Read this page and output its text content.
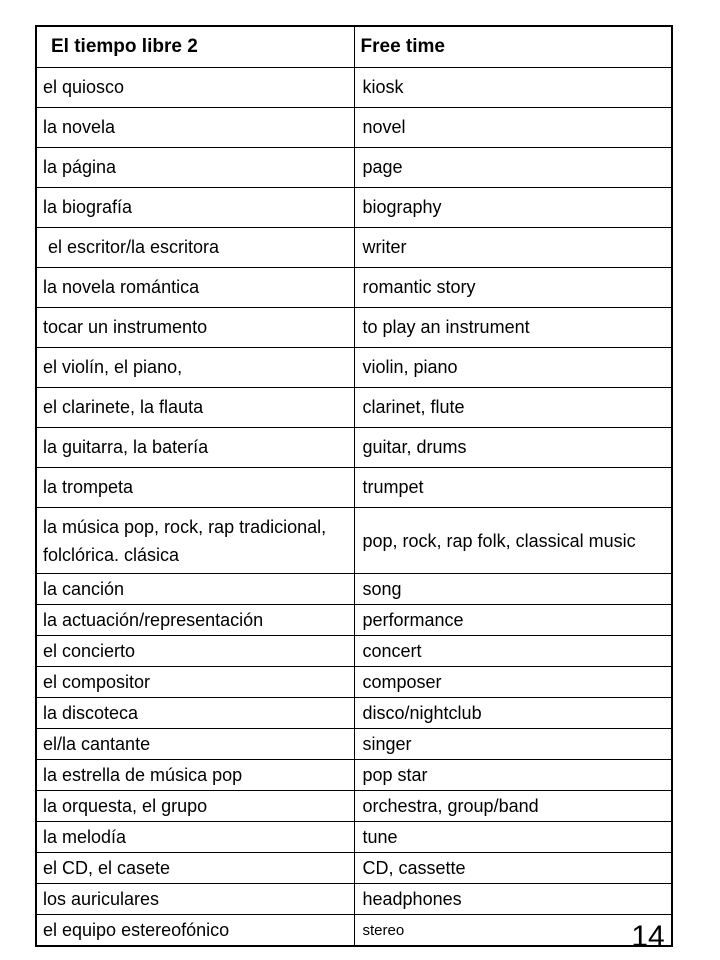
El tiempo libre 2	Free time
el quiosco	kiosk
la novela	novel
la página	page
la biografía	biography
el escritor/la escritora	writer
la novela romántica	romantic story
tocar un instrumento	to play an instrument
el violín, el piano,	violin, piano
el clarinete, la flauta	clarinet, flute
la guitarra, la batería	guitar, drums
la trompeta	trumpet
la música pop, rock, rap tradicional, folclórica. clásica	pop, rock, rap folk, classical music
la canción	song
la actuación/representación	performance
el concierto	concert
el compositor	composer
la discoteca	disco/nightclub
el/la cantante	singer
la estrella de música pop	pop star
la orquesta, el grupo	orchestra, group/band
la melodía	tune
el CD, el casete	CD, cassette
los auriculares	headphones
el equipo estereofónico	stereo	14
